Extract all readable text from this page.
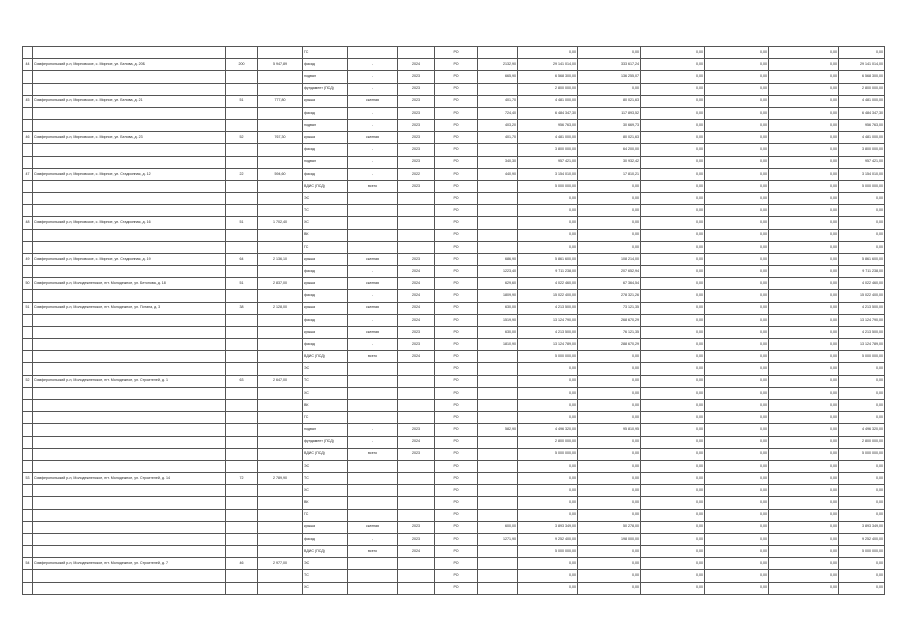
				ГС			РО		0,00	0,00	0,00	0,00	0,00	0,00
44	Симферопольский р-н, Мирновское, с. Мирное, ул. Белова, д. 20Б	200	5 947,89	фасад	-	2024	РО	2132,90	29 141 014,00	333 617,24	0,00	0,00	0,00	29 141 014,00
				подвал	-	2023	РО	665,90	6 568 300,00	136 255,07	0,00	0,00	0,00	6 568 300,00
				фундамент (ПСД)	-	2023	РО		2 800 000,00	0,00	0,00	0,00	0,00	2 800 000,00
45	Симферопольский р-н, Мирновское, с. Мирное, ул. Белова, д. 21	51	777,80	крыша	скатная	2023	РО	401,70	4 481 000,00	80 021,63	0,00	0,00	0,00	4 481 000,00
				фасад	-	2023	РО	724,40	6 484 347,30	117 893,52	0,00	0,00	0,00	6 484 347,30
				подвал	-	2023	РО	403,20	956 763,00	30 669,73	0,00	0,00	0,00	956 763,00
46	Симферопольский р-н, Мирновское, с. Мирное, ул. Белова, д. 23	52	767,30	крыша	скатная	2023	РО	401,70	4 481 000,00	80 021,63	0,00	0,00	0,00	4 481 000,00
				фасад	-	2023	РО		3 800 000,00	64 200,00	0,00	0,00	0,00	3 800 000,00
				подвал	-	2023	РО	340,30	957 421,00	30 932,42	0,00	0,00	0,00	957 421,00
47	Симферопольский р-н, Мирновское, с. Мирное, ул. Стадионная, д. 12	22	594,60	фасад	-	2022	РО	440,90	3 154 010,00	17 810,21	0,00	0,00	0,00	3 154 010,00
				ВДИС (ПСД)	всего	2023	РО		5 000 000,00	0,00	0,00	0,00	0,00	5 000 000,00
				ЭС			РО		0,00	0,00	0,00	0,00	0,00	0,00
				ТС			РО		0,00	0,00	0,00	0,00	0,00	0,00
48	Симферопольский р-н, Мирновское, с. Мирное, ул. Стадионная, д. 16	51	1 702,40	ХС			РО		0,00	0,00	0,00	0,00	0,00	0,00
				ВК			РО		0,00	0,00	0,00	0,00	0,00	0,00
				ГС			РО		0,00	0,00	0,00	0,00	0,00	0,00
49	Симферопольский р-н, Мирновское, с. Мирное, ул. Стадионная, д. 19	64	2 136,10	крыша	скатная	2023	РО	686,90	5 861 600,00	108 214,00	0,00	0,00	0,00	5 861 600,00
				фасад	-	2024	РО	1223,40	9 711 238,00	207 652,94	0,00	0,00	0,00	9 711 238,00
50	Симферопольский р-н, Молодежненское, пгт. Молодежное, ул. Бетонова, д. 18	51	2 837,00	крыша	скатная	2024	РО	629,60	4 022 460,00	67 364,54	0,00	0,00	0,00	4 022 460,00
				фасад	-	2024	РО	1809,90	15 022 400,00	278 321,26	0,00	0,00	0,00	15 022 400,00
51	Симферопольский р-н, Молодежненское, пгт. Молодежное, ул. Потапа, д. 3	38	2 128,00	крыша	скатная	2024	РО	630,00	4 213 500,00	73 121,35	0,00	0,00	0,00	4 213 500,00
				фасад	-	2024	РО	1519,90	13 124 790,00	268 670,29	0,00	0,00	0,00	13 124 790,00
				крыша	скатная	2023	РО	630,00	4 213 500,00	76 121,35	0,00	0,00	0,00	4 213 500,00
				фасад	-	2023	РО	1810,90	13 124 789,00	288 670,29	0,00	0,00	0,00	13 124 789,00
				ВДИС (ПСД)	всего	2024	РО		5 000 000,00	0,00	0,00	0,00	0,00	5 000 000,00
				ЭС			РО		0,00	0,00	0,00	0,00	0,00	0,00
52	Симферопольский р-н, Молодежненское, пгт. Молодежное, ул. Строителей, д. 1	63	2 647,00	ТС			РО		0,00	0,00	0,00	0,00	0,00	0,00
				ХС			РО		0,00	0,00	0,00	0,00	0,00	0,00
				ВК			РО		0,00	0,00	0,00	0,00	0,00	0,00
				ГС			РО		0,00	0,00	0,00	0,00	0,00	0,00
				подвал	-	2023	РО	582,90	4 496 320,00	95 810,95	0,00	0,00	0,00	4 496 320,00
				фундамент (ПСД)	-	2024	РО		2 800 000,00	0,00	0,00	0,00	0,00	2 800 000,00
				ВДИС (ПСД)	всего	2023	РО		5 000 000,00	0,00	0,00	0,00	0,00	5 000 000,00
				ЭС			РО		0,00	0,00	0,00	0,00	0,00	0,00
53	Симферопольский р-н, Молодежненское, пгт. Молодежное, ул. Строителей, д. 14	72	2 789,90	ТС			РО		0,00	0,00	0,00	0,00	0,00	0,00
				ХС			РО		0,00	0,00	0,00	0,00	0,00	0,00
				ВК			РО		0,00	0,00	0,00	0,00	0,00	0,00
				ГС			РО		0,00	0,00	0,00	0,00	0,00	0,00
				крыша	скатная	2023	РО	600,00	3 893 349,00	50 278,00	0,00	0,00	0,00	3 893 349,00
				фасад	-	2023	РО	1271,90	9 252 400,00	198 000,00	0,00	0,00	0,00	9 252 400,00
				ВДИС (ПСД)	всего	2024	РО		5 000 000,00	0,00	0,00	0,00	0,00	5 000 000,00
54	Симферопольский р-н, Молодежненское, пгт. Молодежное, ул. Строителей, д. 7	46	2 977,00	ЭС			РО		0,00	0,00	0,00	0,00	0,00	0,00
				ТС			РО		0,00	0,00	0,00	0,00	0,00	0,00
				ХС			РО		0,00	0,00	0,00	0,00	0,00	0,00
